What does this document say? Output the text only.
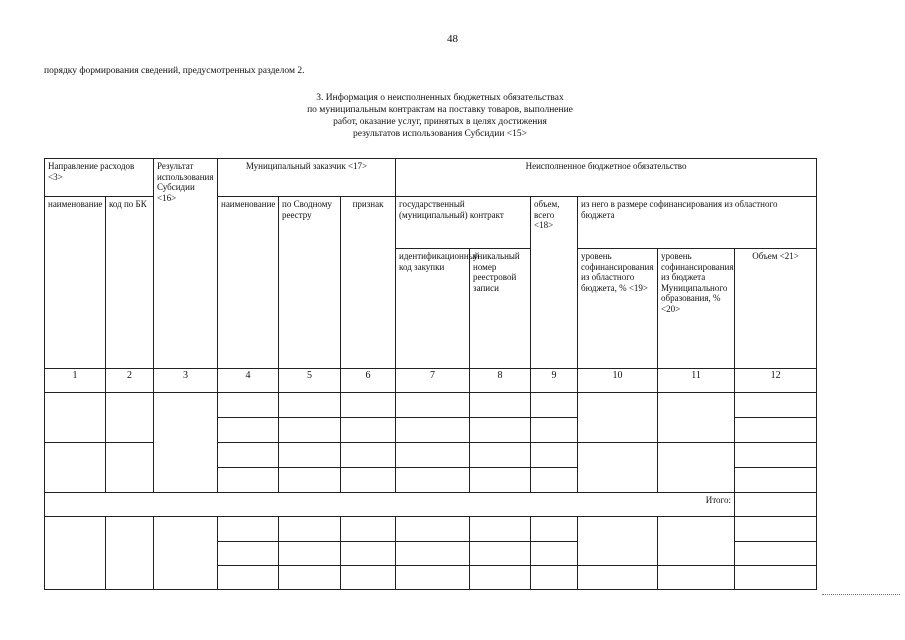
48
порядку формирования сведений, предусмотренных разделом 2.
3. Информация о неисполненных бюджетных обязательствах
по муниципальным контрактам на поставку товаров, выполнение
работ, оказание услуг, принятых в целях достижения
результатов использования Субсидии <15>
Направление расходов <3>		Результат использования Субсидии <16>	Муниципальный заказчик <17>			Неисполненное бюджетное обязательство					
наименование	код по БК		наименование	по Сводному реестру	признак	государственный (муниципальный) контракт		объем, всего <18>	из него в размере софинансирования из областного бюджета		
						идентификационный код закупки	уникальный номер реестровой записи		уровень софинансирования из областного бюджета, % <19>	уровень софинансирования из бюджета Муниципального образования, % <20>	Объем <21>
1	2	3	4	5	6	7	8	9	10	11	12

Итого:											
